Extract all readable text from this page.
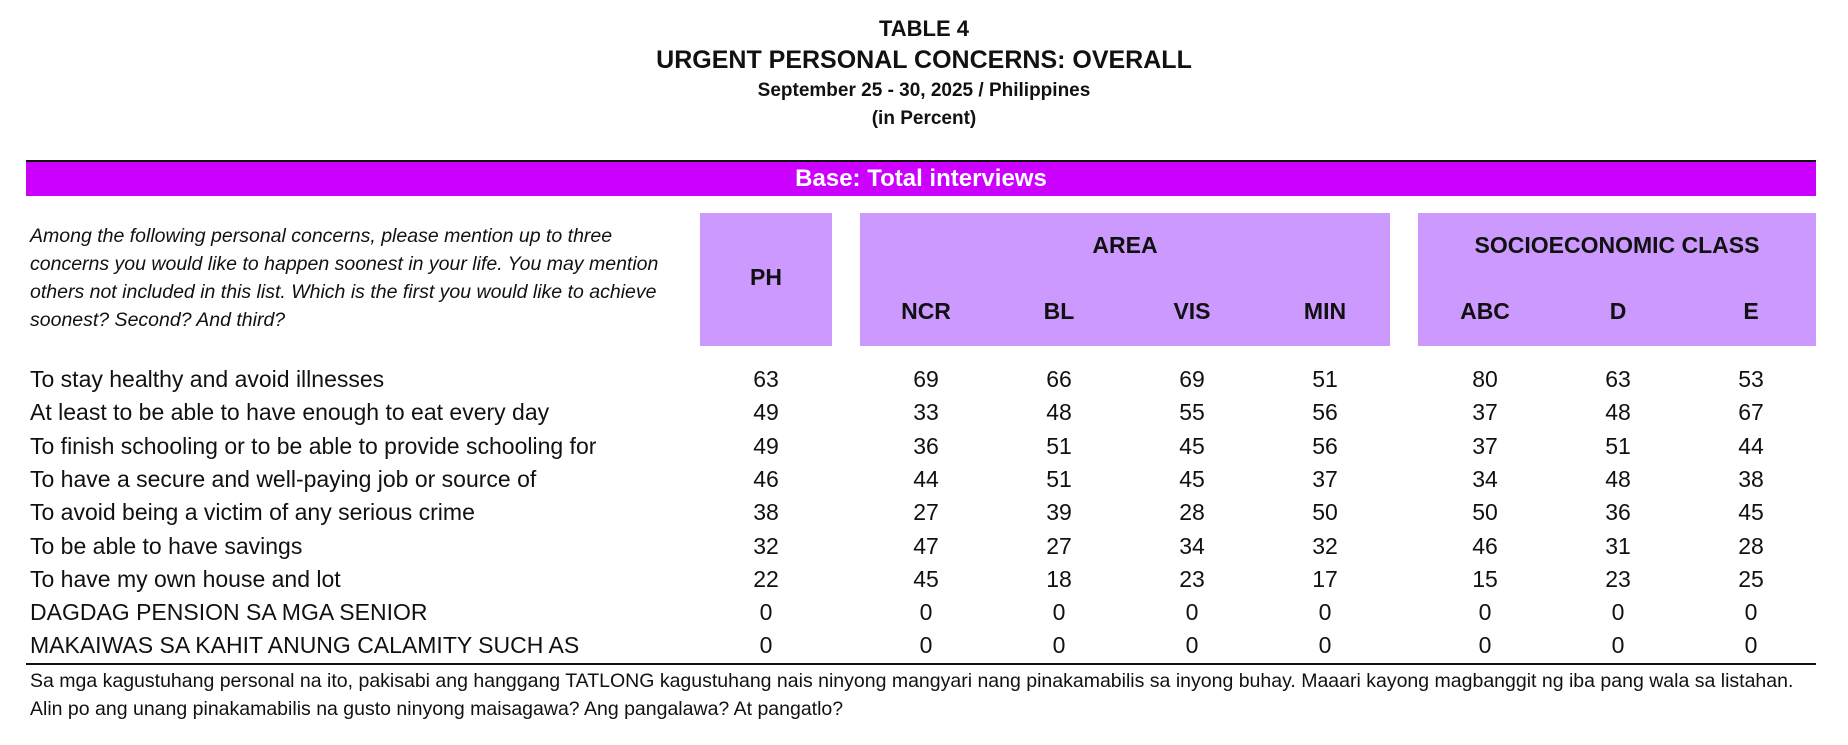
TABLE 4
URGENT PERSONAL CONCERNS: OVERALL
September 25 - 30, 2025 / Philippines
(in Percent)
Base: Total interviews
Among the following personal concerns, please mention up to three concerns you would like to happen soonest in your life. You may mention others not included in this list. Which is the first you would like to achieve soonest? Second? And third?
PH
AREA	SOCIOECONOMIC CLASS
NCR	BL	VIS	MIN	ABC	D	E
To stay healthy and avoid illnesses	63	69	66	69	51	80	63	53
At least to be able to have enough to eat every day	49	33	48	55	56	37	48	67
To finish schooling or to be able to provide schooling for	49	36	51	45	56	37	51	44
To have a secure and well-paying job or source of	46	44	51	45	37	34	48	38
To avoid being a victim of any serious crime	38	27	39	28	50	50	36	45
To be able to have savings	32	47	27	34	32	46	31	28
To have my own house and lot	22	45	18	23	17	15	23	25
DAGDAG PENSION SA MGA SENIOR	0	0	0	0	0	0	0	0
MAKAIWAS SA KAHIT ANUNG CALAMITY SUCH AS	0	0	0	0	0	0	0	0
Sa mga kagustuhang personal na ito, pakisabi ang hanggang TATLONG kagustuhang nais ninyong mangyari nang pinakamabilis sa inyong buhay. Maaari kayong magbanggit ng iba pang wala sa listahan. Alin po ang unang pinakamabilis na gusto ninyong maisagawa? Ang pangalawa? At pangatlo?
